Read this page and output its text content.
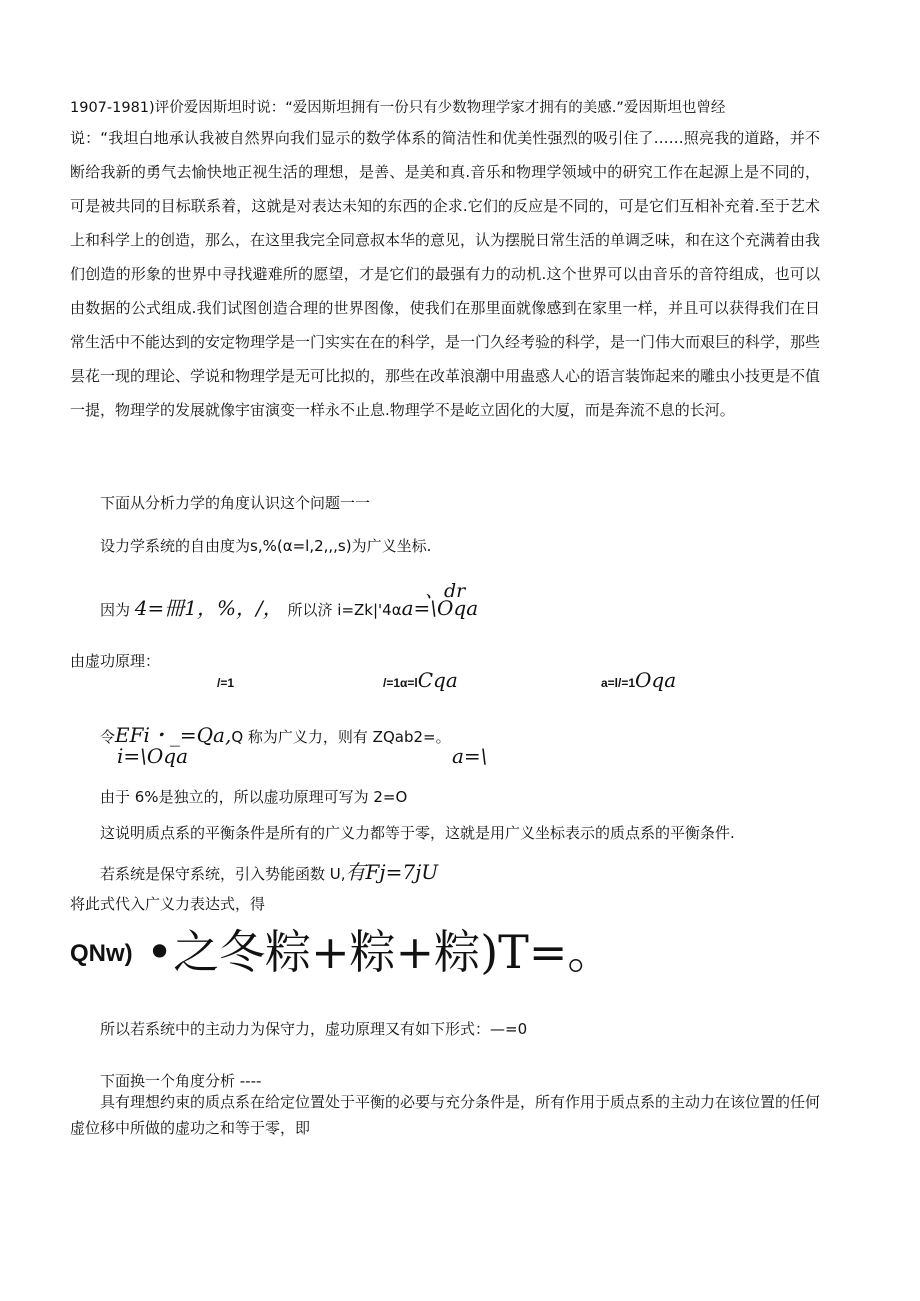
1907-1981)评价爱因斯坦时说：“爱因斯坦拥有一份只有少数物理学家才拥有的美感.”爱因斯坦也曾经
说：“我坦白地承认我被自然界向我们显示的数学体系的简洁性和优美性强烈的吸引住了……照亮我的道路，并不断给我新的勇气去愉快地正视生活的理想，是善、是美和真.音乐和物理学领域中的研究工作在起源上是不同的，可是被共同的目标联系着，这就是对表达未知的东西的企求.它们的反应是不同的，可是它们互相补充着.至于艺术上和科学上的创造，那么，在这里我完全同意叔本华的意见，认为摆脱日常生活的单调乏味，和在这个充满着由我们创造的形象的世界中寻找避难所的愿望，才是它们的最强有力的动机.这个世界可以由音乐的音符组成，也可以由数据的公式组成.我们试图创造合理的世界图像，使我们在那里面就像感到在家里一样，并且可以获得我们在日常生活中不能达到的安定物理学是一门实实在在的科学，是一门久经考验的科学，是一门伟大而艰巨的科学，那些昙花一现的理论、学说和物理学是无可比拟的，那些在改革浪潮中用蛊惑人心的语言装饰起来的雕虫小技更是不值一提，物理学的发展就像宇宙演变一样永不止息.物理学不是屹立固化的大厦，而是奔流不息的长河。
下面从分析力学的角度认识这个问题一一
设力学系统的自由度为s,%(α=l,2,,,s)为广义坐标.
因为 4=冊1，%，/， 所以济 i=Zk|'4αa=\Oqa
、dr
由虚功原理：
/=1	/=1α=lCqa	a=l/=1Oqa
令EFi・_=Qa,Q 称为广义力，则有 ZQab2=。
i=\Oqa	a=\
由于 6%是独立的，所以虚功原理可写为 2=O
这说明质点系的平衡条件是所有的广义力都等于零，这就是用广义坐标表示的质点系的平衡条件.
若系统是保守系统，引入势能函数 U,有Fj=7jU
将此式代入广义力表达式，得
QNw) •之冬粽+粽+粽)T=。
所以若系统中的主动力为保守力，虚功原理又有如下形式：—=0
下面换一个角度分析 ----
具有理想约束的质点系在给定位置处于平衡的必要与充分条件是，所有作用于质点系的主动力在该位置的任何虚位移中所做的虚功之和等于零，即
